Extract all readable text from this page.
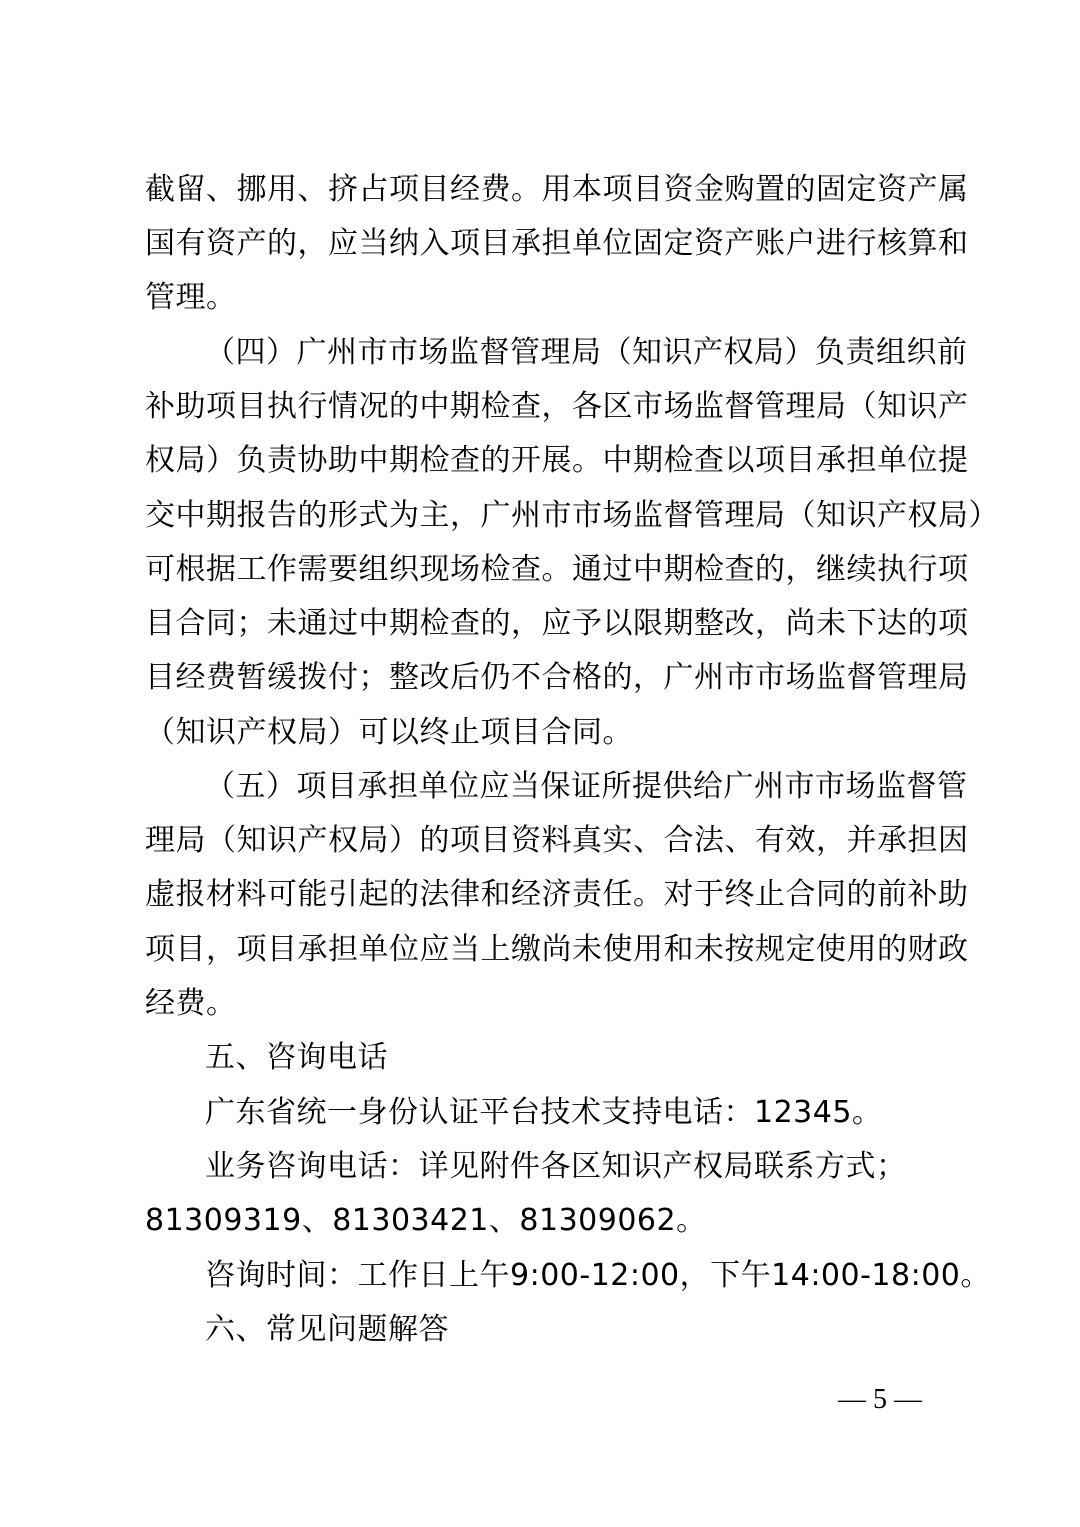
截留、挪用、挤占项目经费。用本项目资金购置的固定资产属
国有资产的，应当纳入项目承担单位固定资产账户进行核算和
管理。
（四）广州市市场监督管理局（知识产权局）负责组织前
补助项目执行情况的中期检查，各区市场监督管理局（知识产
权局）负责协助中期检查的开展。中期检查以项目承担单位提
交中期报告的形式为主，广州市市场监督管理局（知识产权局）
可根据工作需要组织现场检查。通过中期检查的，继续执行项
目合同；未通过中期检查的，应予以限期整改，尚未下达的项
目经费暂缓拨付；整改后仍不合格的，广州市市场监督管理局
（知识产权局）可以终止项目合同。
（五）项目承担单位应当保证所提供给广州市市场监督管
理局（知识产权局）的项目资料真实、合法、有效，并承担因
虚报材料可能引起的法律和经济责任。对于终止合同的前补助
项目，项目承担单位应当上缴尚未使用和未按规定使用的财政
经费。
五、咨询电话
广东省统一身份认证平台技术支持电话：12345。
业务咨询电话：详见附件各区知识产权局联系方式；
81309319、81303421、81309062。
咨询时间：工作日上午9:00-12:00，下午14:00-18:00。
六、常见问题解答
— 5 —
